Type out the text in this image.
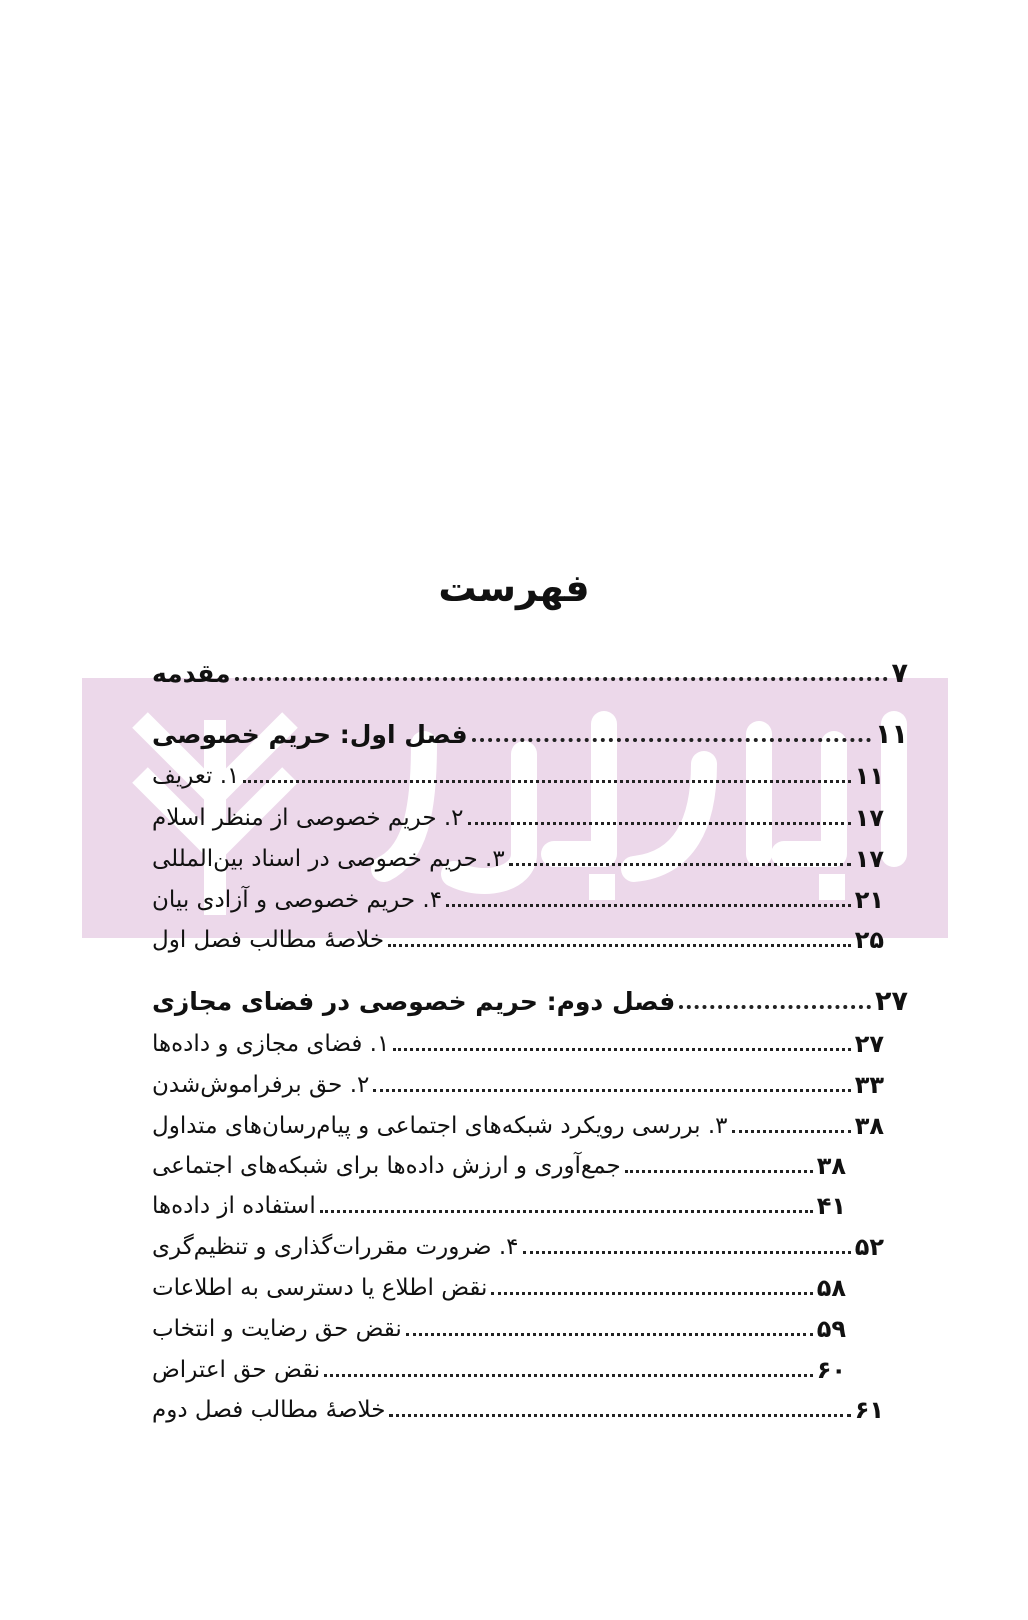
فهرست
مقدمه	۷
فصل اول: حریم خصوصی	۱۱
۱. تعریف	۱۱
۲. حریم خصوصی از منظر اسلام	۱۷
۳. حریم خصوصی در اسناد بین‌المللی	۱۷
۴. حریم خصوصی و آزادی بیان	۲۱
خلاصهٔ مطالب فصل اول	۲۵
فصل دوم: حریم خصوصی در فضای مجازی	۲۷
۱. فضای مجازی و داده‌ها	۲۷
۲. حق برفراموش‌شدن	۳۳
۳. بررسی رویکرد شبکه‌های اجتماعی و پیام‌رسان‌های متداول	۳۸
جمع‌آوری و ارزش داده‌ها برای شبکه‌های اجتماعی	۳۸
استفاده از داده‌ها	۴۱
۴. ضرورت مقررات‌گذاری و تنظیم‌گری	۵۲
نقض اطلاع یا دسترسی به اطلاعات	۵۸
نقض حق رضایت و انتخاب	۵۹
نقض حق اعتراض	۶۰
خلاصهٔ مطالب فصل دوم	۶۱
